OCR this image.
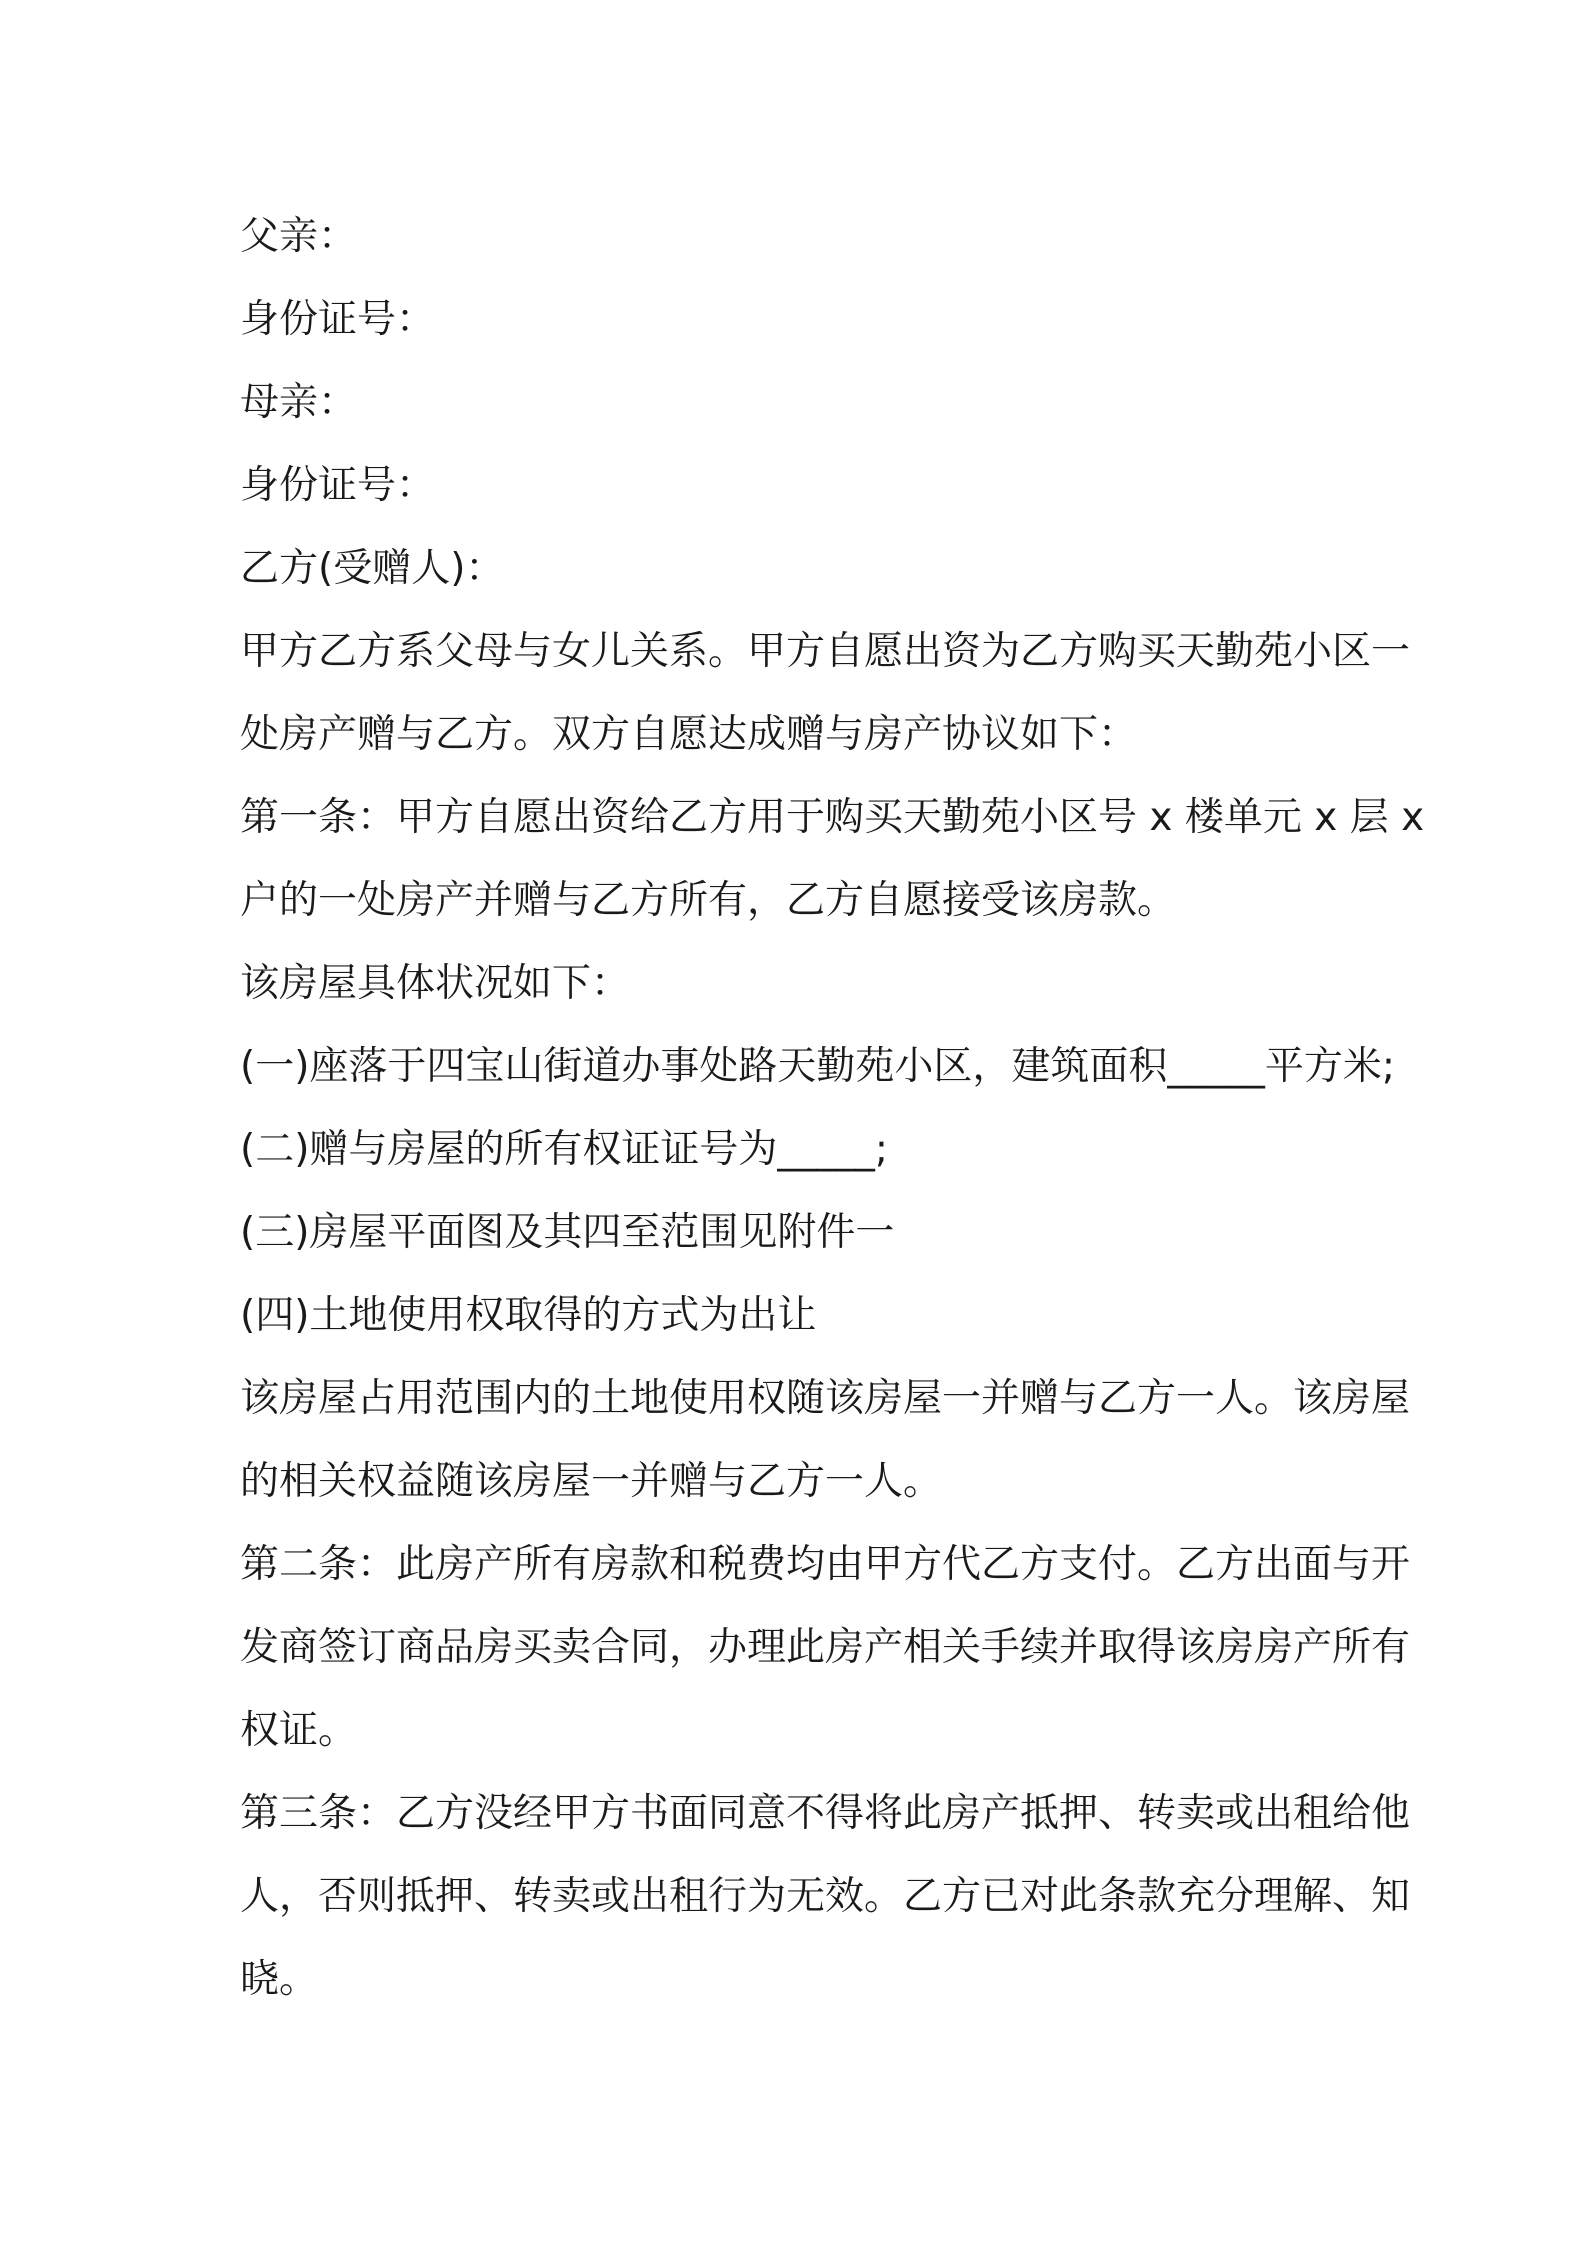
父亲：
身份证号：
母亲：
身份证号：
乙方(受赠人)：
甲方乙方系父母与女儿关系。甲方自愿出资为乙方购买天勤苑小区一
处房产赠与乙方。双方自愿达成赠与房产协议如下：
第一条：甲方自愿出资给乙方用于购买天勤苑小区号 x 楼单元 x 层 x
户的一处房产并赠与乙方所有，乙方自愿接受该房款。
该房屋具体状况如下：
(一)座落于四宝山街道办事处路天勤苑小区，建筑面积_____平方米;
(二)赠与房屋的所有权证证号为_____;
(三)房屋平面图及其四至范围见附件一
(四)土地使用权取得的方式为出让
该房屋占用范围内的土地使用权随该房屋一并赠与乙方一人。该房屋
的相关权益随该房屋一并赠与乙方一人。
第二条：此房产所有房款和税费均由甲方代乙方支付。乙方出面与开
发商签订商品房买卖合同，办理此房产相关手续并取得该房房产所有
权证。
第三条：乙方没经甲方书面同意不得将此房产抵押、转卖或出租给他
人，否则抵押、转卖或出租行为无效。乙方已对此条款充分理解、知
晓。
